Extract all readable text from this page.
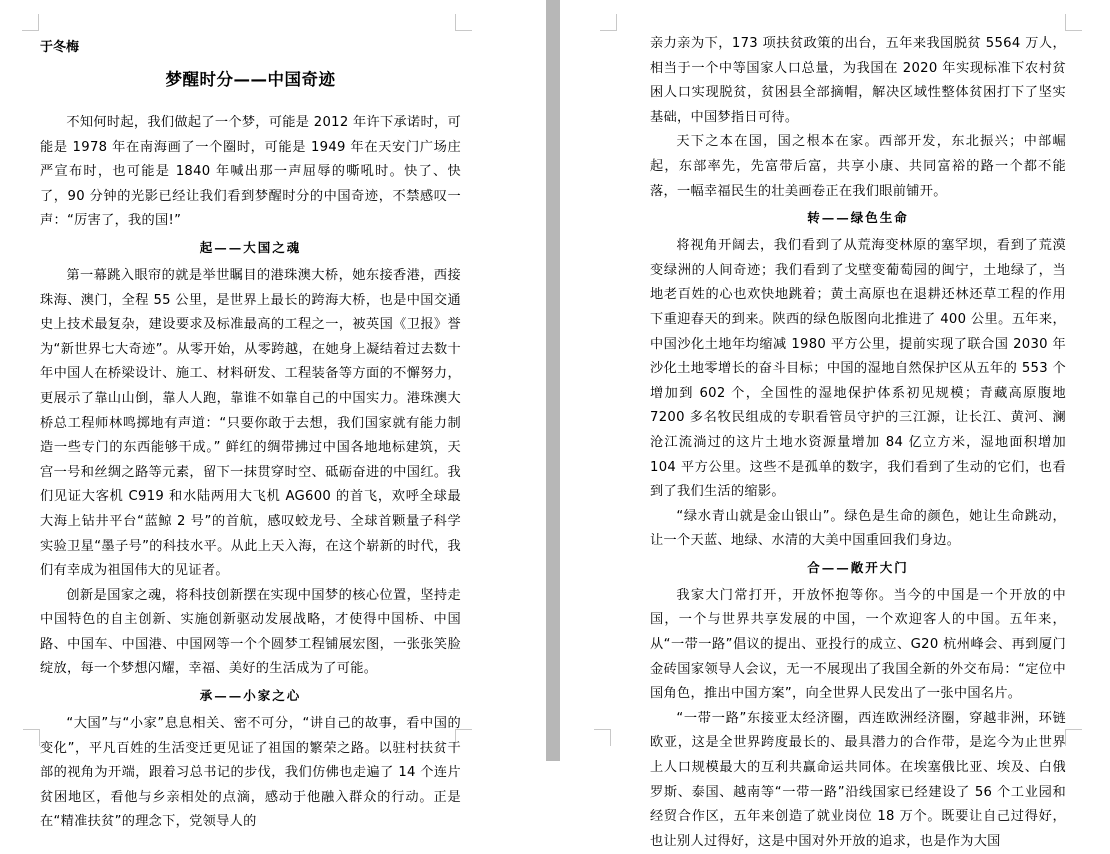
于冬梅
梦醒时分——中国奇迹

不知何时起，我们做起了一个梦，可能是 2012 年许下承诺时，可能是 1978 年在南海画了一个圈时，可能是 1949 年在天安门广场庄严宣布时，也可能是 1840 年喊出那一声屈辱的嘶吼时。快了、快了，90 分钟的光影已经让我们看到梦醒时分的中国奇迹，不禁感叹一声：“厉害了，我的国!”

起——大国之魂

第一幕跳入眼帘的就是举世瞩目的港珠澳大桥，她东接香港，西接珠海、澳门，全程 55 公里，是世界上最长的跨海大桥，也是中国交通史上技术最复杂，建设要求及标准最高的工程之一，被英国《卫报》誉为“新世界七大奇迹”。从零开始，从零跨越，在她身上凝结着过去数十年中国人在桥梁设计、施工、材料研发、工程装备等方面的不懈努力，更展示了靠山山倒，靠人人跑，靠谁不如靠自己的中国实力。港珠澳大桥总工程师林鸣掷地有声道：“只要你敢于去想，我们国家就有能力制造一些专门的东西能够干成。” 鲜红的绸带拂过中国各地地标建筑，天宫一号和丝绸之路等元素，留下一抹贯穿时空、砥砺奋进的中国红。我们见证大客机 C919 和水陆两用大飞机 AG600 的首飞，欢呼全球最大海上钻井平台“蓝鲸 2 号”的首航，感叹蛟龙号、全球首颗量子科学实验卫星“墨子号”的科技水平。从此上天入海，在这个崭新的时代，我们有幸成为祖国伟大的见证者。

创新是国家之魂，将科技创新摆在实现中国梦的核心位置，坚持走中国特色的自主创新、实施创新驱动发展战略，才使得中国桥、中国路、中国车、中国港、中国网等一个个圆梦工程铺展宏图，一张张笑脸绽放，每一个梦想闪耀，幸福、美好的生活成为了可能。

承——小家之心

“大国”与“小家”息息相关、密不可分，“讲自己的故事，看中国的变化”，平凡百姓的生活变迁更见证了祖国的繁荣之路。以驻村扶贫干部的视角为开端，跟着习总书记的步伐，我们仿佛也走遍了 14 个连片贫困地区，看他与乡亲相处的点滴，感动于他融入群众的行动。正是在“精准扶贫”的理念下，党领导人的

亲力亲为下，173 项扶贫政策的出台，五年来我国脱贫 5564 万人，相当于一个中等国家人口总量，为我国在 2020 年实现标准下农村贫困人口实现脱贫，贫困县全部摘帽，解决区域性整体贫困打下了坚实基础，中国梦指日可待。

天下之本在国，国之根本在家。西部开发，东北振兴；中部崛起，东部率先，先富带后富，共享小康、共同富裕的路一个都不能落，一幅幸福民生的壮美画卷正在我们眼前铺开。

转——绿色生命

将视角开阔去，我们看到了从荒海变林原的塞罕坝，看到了荒漠变绿洲的人间奇迹；我们看到了戈壁变葡萄园的闽宁，土地绿了，当地老百姓的心也欢快地跳着；黄土高原也在退耕还林还草工程的作用下重迎春天的到来。陕西的绿色版图向北推进了 400 公里。五年来，中国沙化土地年均缩减 1980 平方公里，提前实现了联合国 2030 年沙化土地零增长的奋斗目标；中国的湿地自然保护区从五年的 553 个增加到 602 个，全国性的湿地保护体系初见规模；青藏高原腹地 7200 多名牧民组成的专职看管员守护的三江源，让长江、黄河、澜沧江流淌过的这片土地水资源量增加 84 亿立方米，湿地面积增加 104 平方公里。这些不是孤单的数字，我们看到了生动的它们，也看到了我们生活的缩影。

“绿水青山就是金山银山”。绿色是生命的颜色，她让生命跳动，让一个天蓝、地绿、水清的大美中国重回我们身边。

合——敞开大门

我家大门常打开，开放怀抱等你。当今的中国是一个开放的中国，一个与世界共享发展的中国，一个欢迎客人的中国。五年来，从“一带一路”倡议的提出、亚投行的成立、G20 杭州峰会、再到厦门金砖国家领导人会议，无一不展现出了我国全新的外交布局：“定位中国角色，推出中国方案”，向全世界人民发出了一张中国名片。

“一带一路”东接亚太经济圈，西连欧洲经济圈，穿越非洲，环链欧亚，这是全世界跨度最长的、最具潜力的合作带，是迄今为止世界上人口规模最大的互利共赢命运共同体。在埃塞俄比亚、埃及、白俄罗斯、泰国、越南等“一带一路”沿线国家已经建设了 56 个工业园和经贸合作区，五年来创造了就业岗位 18 万个。既要让自己过得好，也让别人过得好，这是中国对外开放的追求，也是作为大国
